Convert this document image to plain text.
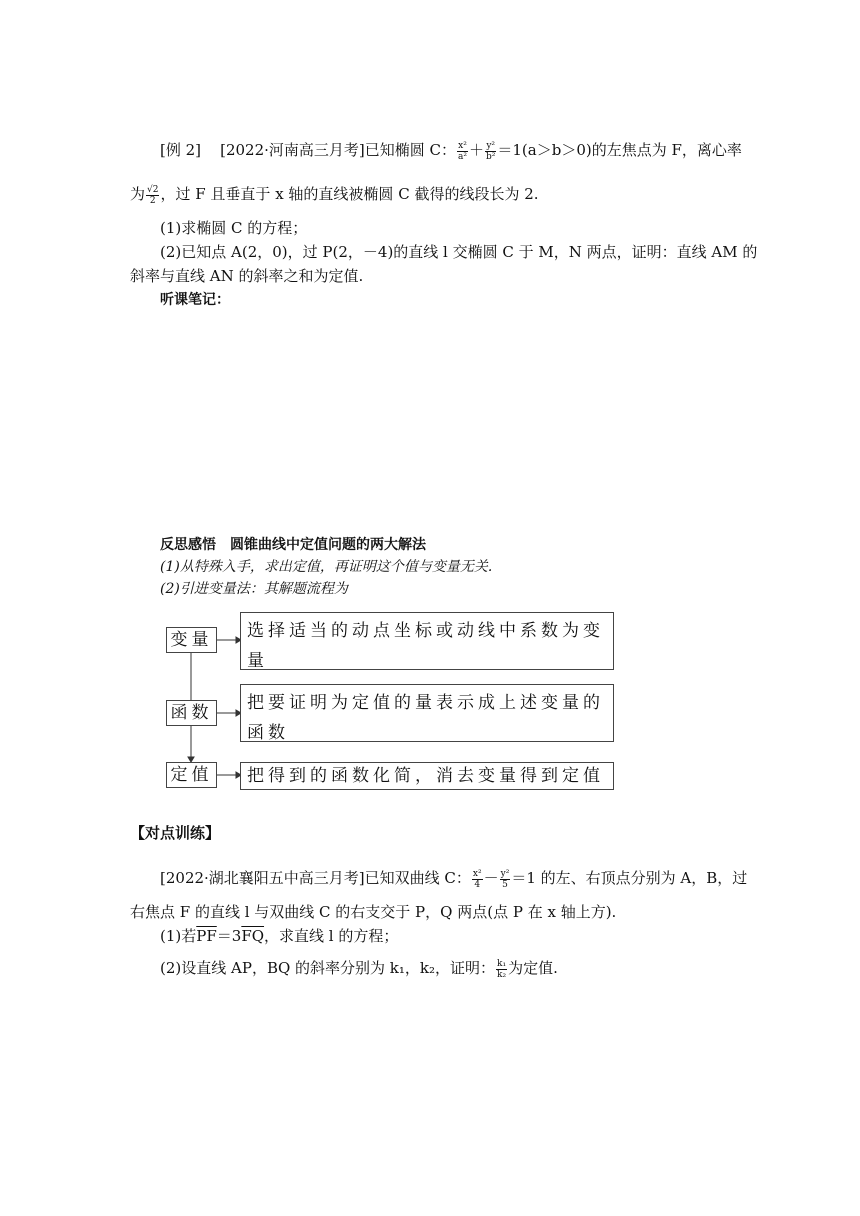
[例 2] [2022·河南高三月考]已知椭圆 C： $\frac{\text{x²}}{\text{a²}} + \frac{\text{y²}}{\text{b²}} =1(a>b>0)$的左焦点为 F，离心率
为 $\frac{√2}{2}$ ，过 F 且垂直于 x 轴的直线被椭圆 C 截得的线段长为 2.
(1)求椭圆 C 的方程；
(2)已知点 A(2，0)，过 P(2，－4)的直线 l 交椭圆 C 于 M，N 两点，证明：直线 AM 的
斜率与直线 AN 的斜率之和为定值.
听课笔记：
反思感悟　圆锥曲线中定值问题的两大解法
(1)从特殊入手，求出定值，再证明这个值与变量无关.
(2)引进变量法：其解题流程为
变量	选择适当的动点坐标或动线中系数为变量
函数	把要证明为定值的量表示成上述变量的函数
定值	把得到的函数化简，消去变量得到定值
【对点训练】
[2022·湖北襄阳五中高三月考]已知双曲线 C： $\frac{\text{x²}}{4} - \frac{\text{y²}}{5} =1$ 的左、右顶点分别为 A，B，过
右焦点 F 的直线 l 与双曲线 C 的右支交于 P，Q 两点(点 P 在 x 轴上方).
(1)若$\overline{PF}=3\overline{FQ}$，求直线 l 的方程；
(2)设直线 AP，BQ 的斜率分别为 k₁，k₂，证明： $\frac{\text{k₁}}{\text{k₂}}$ 为定值.
